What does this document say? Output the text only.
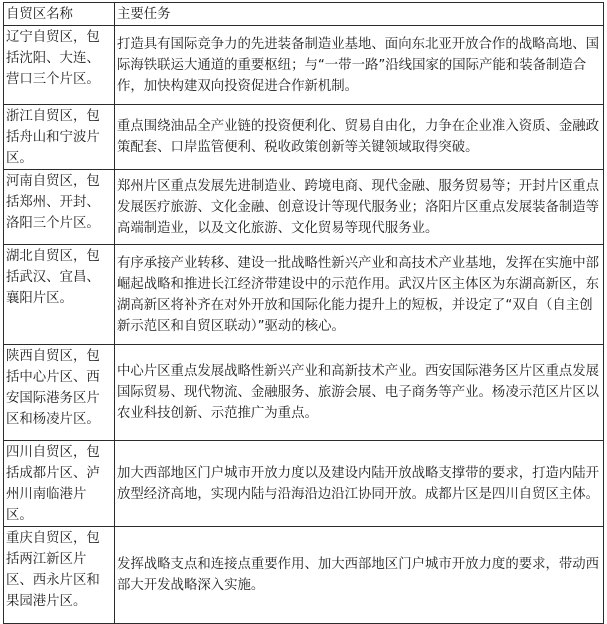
自贸区名称	主要任务
辽宁自贸区，包括沈阳、大连、营口三个片区。	打造具有国际竞争力的先进装备制造业基地、面向东北亚开放合作的战略高地、国际海铁联运大通道的重要枢纽；与“一带一路”沿线国家的国际产能和装备制造合作，加快构建双向投资促进合作新机制。
浙江自贸区，包括舟山和宁波片区。	重点围绕油品全产业链的投资便利化、贸易自由化，力争在企业准入资质、金融政策配套、口岸监管便利、税收政策创新等关键领域取得突破。
河南自贸区，包括郑州、开封、洛阳三个片区。	郑州片区重点发展先进制造业、跨境电商、现代金融、服务贸易等；开封片区重点发展医疗旅游、文化金融、创意设计等现代服务业；洛阳片区重点发展装备制造等高端制造业，以及文化旅游、文化贸易等现代服务业。
湖北自贸区，包括武汉、宜昌、襄阳片区。	有序承接产业转移、建设一批战略性新兴产业和高技术产业基地，发挥在实施中部崛起战略和推进长江经济带建设中的示范作用。武汉片区主体区为东湖高新区，东湖高新区将补齐在对外开放和国际化能力提升上的短板，并设定了“双自（自主创新示范区和自贸区联动）”驱动的核心。
陕西自贸区，包括中心片区、西安国际港务区片区和杨凌片区。	中心片区重点发展战略性新兴产业和高新技术产业。西安国际港务区片区重点发展国际贸易、现代物流、金融服务、旅游会展、电子商务等产业。杨凌示范区片区以农业科技创新、示范推广为重点。
四川自贸区，包括成都片区、泸州川南临港片区。	加大西部地区门户城市开放力度以及建设内陆开放战略支撑带的要求，打造内陆开放型经济高地，实现内陆与沿海沿边沿江协同开放。成都片区是四川自贸区主体。
重庆自贸区，包括两江新区片区、西永片区和果园港片区。	发挥战略支点和连接点重要作用、加大西部地区门户城市开放力度的要求，带动西部大开发战略深入实施。
